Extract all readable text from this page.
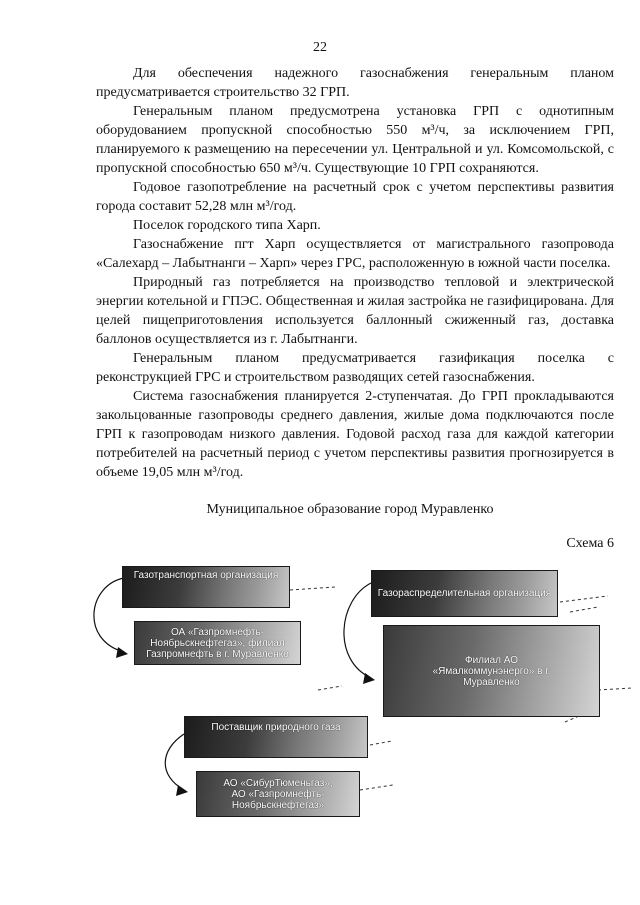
22

Для обеспечения надежного газоснабжения генеральным планом предусматривается строительство 32 ГРП.

Генеральным планом предусмотрена установка ГРП с однотипным оборудованием пропускной способностью 550 м³/ч, за исключением ГРП, планируемого к размещению на пересечении ул. Центральной и ул. Комсомольской, с пропускной способностью 650 м³/ч. Существующие 10 ГРП сохраняются.

Годовое газопотребление на расчетный срок с учетом перспективы развития города составит 52,28 млн м³/год.

Поселок городского типа Харп.

Газоснабжение пгт Харп осуществляется от магистрального газопровода «Салехард – Лабытнанги – Харп» через ГРС, расположенную в южной части поселка.

Природный газ потребляется на производство тепловой и электрической энергии котельной и ГПЭС. Общественная и жилая застройка не газифицирована. Для целей пищеприготовления используется баллонный сжиженный газ, доставка баллонов осуществляется из г. Лабытнанги.

Генеральным планом предусматривается газификация поселка с реконструкцией ГРС и строительством разводящих сетей газоснабжения.

Система газоснабжения планируется 2-ступенчатая. До ГРП прокладываются закольцованные газопроводы среднего давления, жилые дома подключаются после ГРП к газопроводам низкого давления. Годовой расход газа для каждой категории потребителей на расчетный период с учетом перспективы развития прогнозируется в объеме 19,05 млн м³/год.

Муниципальное образование город Муравленко
Схема 6
Газотранспортная организация
ОА «Газпромнефть-Ноябрьскнефтегаз», филиал Газпромнефть в г. Муравленко
Газораспределительная организация
Филиал АО «Ямалкоммунэнерго» в г. Муравленко
Поставщик природного газа
АО «СибурТюменьгаз», АО «Газпромнефть-Ноябрьскнефтегаз»
